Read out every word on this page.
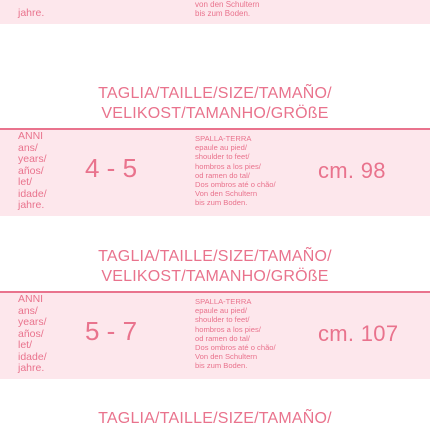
jahre.
von den Schultern
bis zum Boden.
TAGLIA/TAILLE/SIZE/TAMAÑO/
VELIKOST/TAMANHO/GRÖßE
ANNI
ans/
years/
años/
let/
idade/
jahre.
4 - 5
SPALLA-TERRA
epaule au pied/
shoulder to feet/
hombros a los pies/
od ramen do tal/
Dos ombros até o chão/
Von den Schultern
bis zum Boden.
cm. 98
TAGLIA/TAILLE/SIZE/TAMAÑO/
VELIKOST/TAMANHO/GRÖßE
ANNI
ans/
years/
años/
let/
idade/
jahre.
5 - 7
SPALLA-TERRA
epaule au pied/
shoulder to feet/
hombros a los pies/
od ramen do tal/
Dos ombros até o chão/
Von den Schultern
bis zum Boden.
cm. 107
TAGLIA/TAILLE/SIZE/TAMAÑO/
